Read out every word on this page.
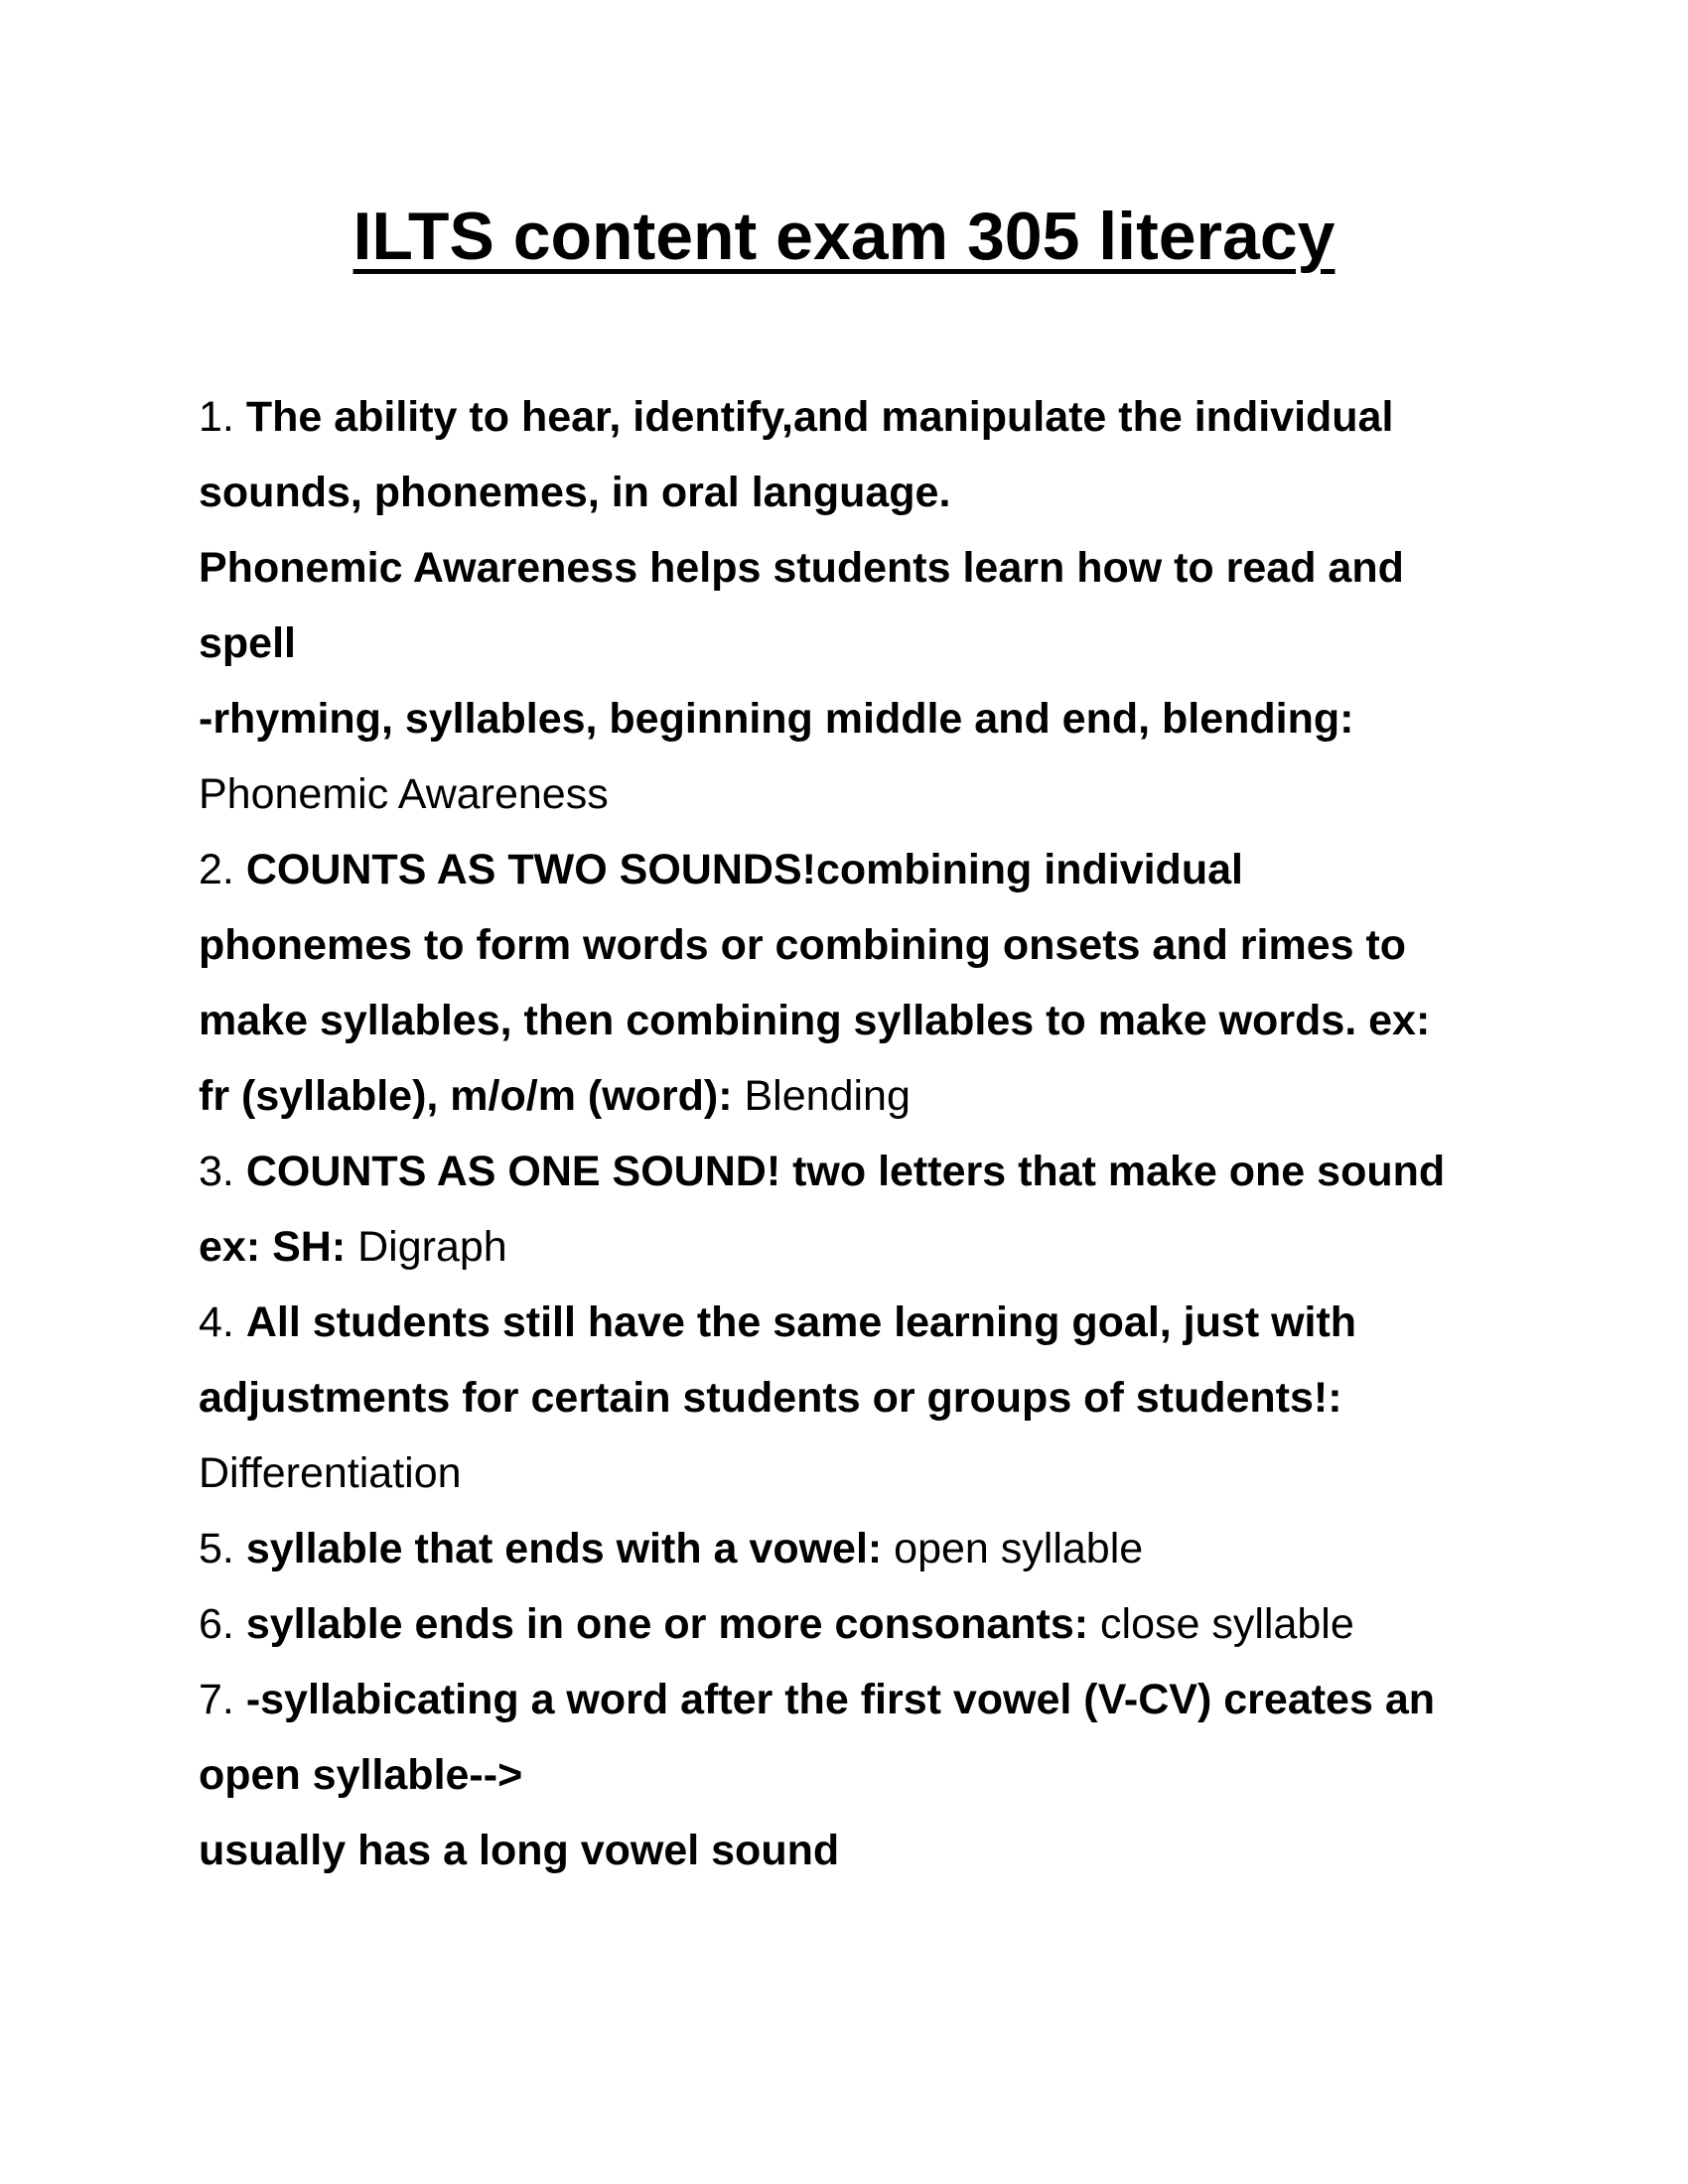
ILTS content exam 305 literacy
1. The ability to hear, identify,and manipulate the individual
sounds, phonemes, in oral language.
Phonemic Awareness helps students learn how to read and
spell
-rhyming, syllables, beginning middle and end, blending:
Phonemic Awareness
2. COUNTS AS TWO SOUNDS!combining individual
phonemes to form words or combining onsets and rimes to
make syllables, then combining syllables to make words. ex:
fr (syllable), m/o/m (word): Blending
3. COUNTS AS ONE SOUND! two letters that make one sound
ex: SH: Digraph
4. All students still have the same learning goal, just with
adjustments for certain students or groups of students!:
Differentiation
5. syllable that ends with a vowel: open syllable
6. syllable ends in one or more consonants: close syllable
7. -syllabicating a word after the first vowel (V-CV) creates an
open syllable-->
usually has a long vowel sound
